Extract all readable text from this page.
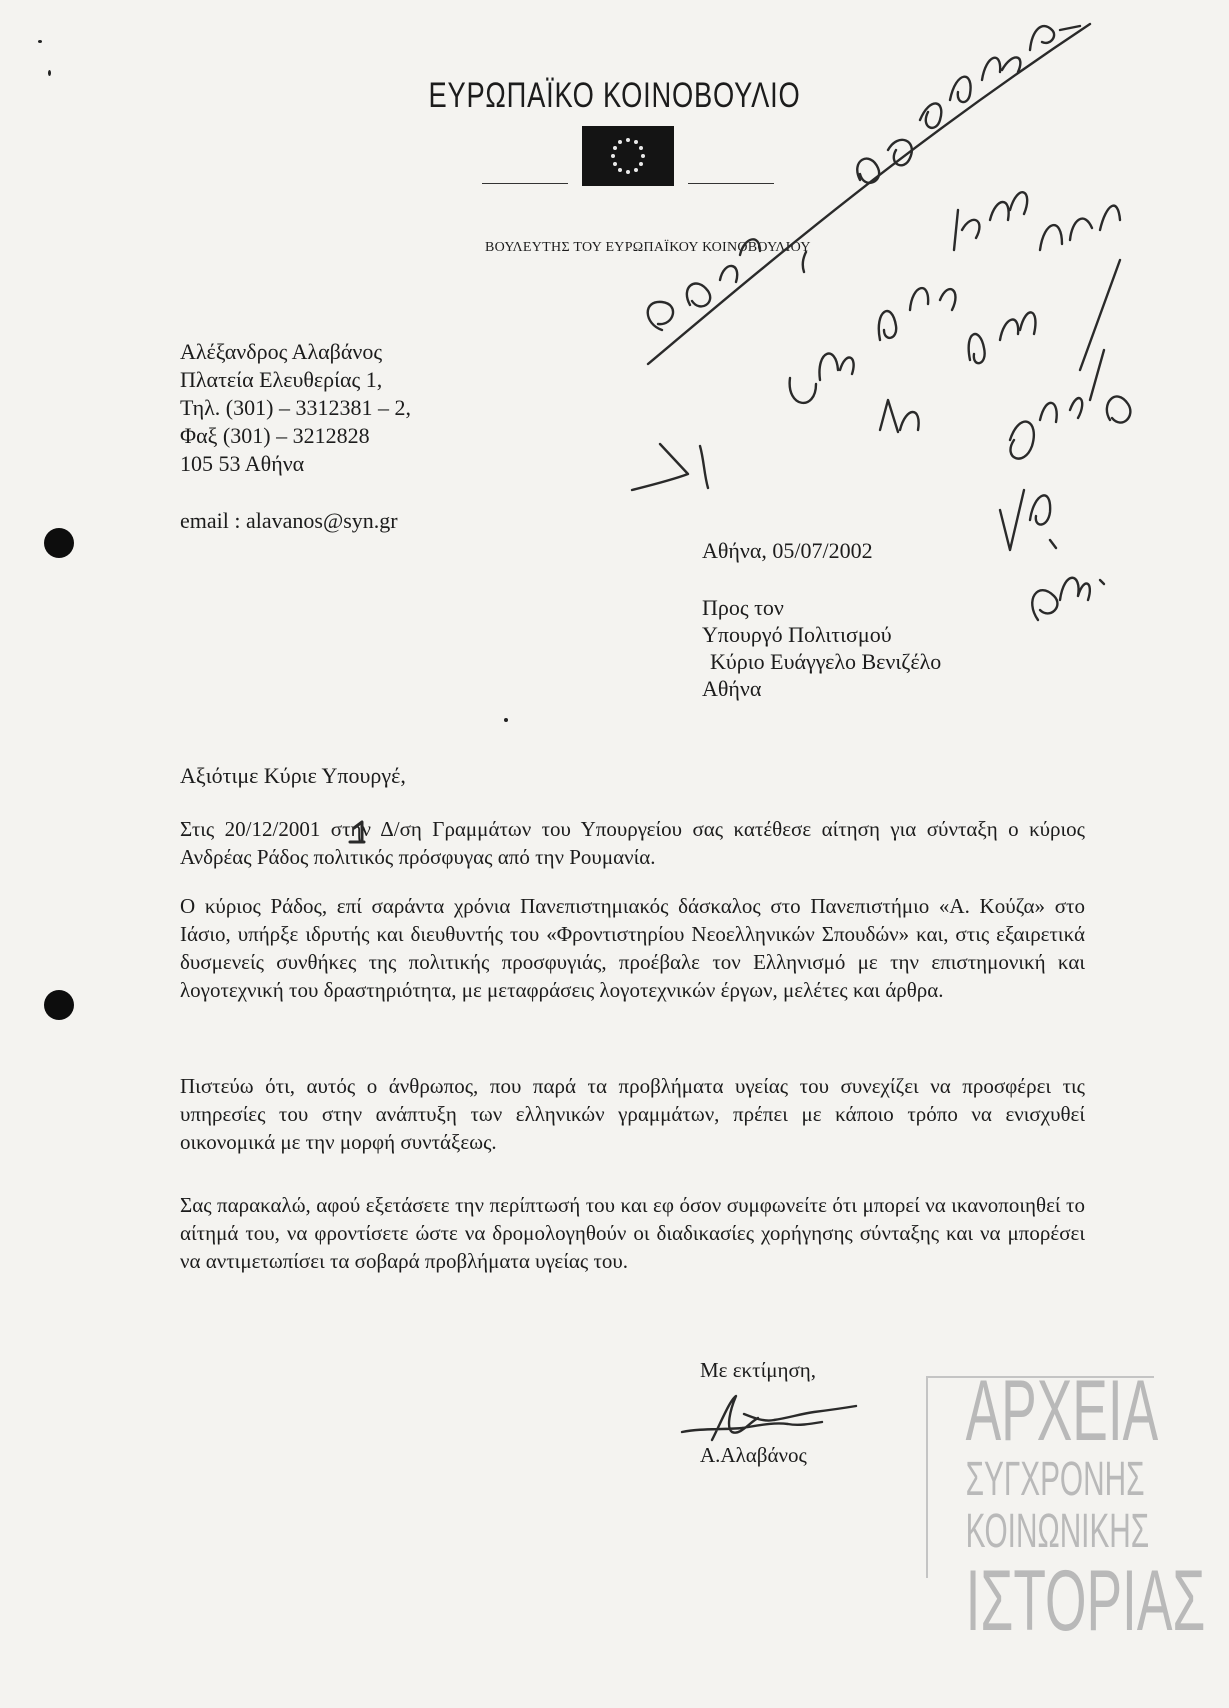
ΕΥΡΩΠΑΪΚΟ ΚΟΙΝΟΒΟΥΛΙΟ
ΒΟΥΛΕΥΤΗΣ ΤΟΥ ΕΥΡΩΠΑΪΚΟΥ ΚΟΙΝΟΒΟΥΛΙΟΥ
Αλέξανδρος Αλαβάνος
Πλατεία Ελευθερίας 1,
Τηλ. (301) – 3312381 – 2,
Φαξ (301) – 3212828
105 53 Αθήνα
email : alavanos@syn.gr
Αθήνα, 05/07/2002
Προς τον
Υπουργό Πολιτισμού
Κύριο Ευάγγελο Βενιζέλο
Αθήνα
Αξιότιμε Κύριε Υπουργέ,
Στις 20/12/2001 στην Δ/ση Γραμμάτων του Υπουργείου σας κατέθεσε αίτηση για σύνταξη ο κύριος Ανδρέας Ράδος πολιτικός πρόσφυγας από την Ρουμανία.
Ο κύριος Ράδος, επί σαράντα χρόνια Πανεπιστημιακός δάσκαλος στο Πανεπιστήμιο «Α. Κούζα» στο Ιάσιο, υπήρξε ιδρυτής και διευθυντής του «Φροντιστηρίου Νεοελληνικών Σπουδών» και, στις εξαιρετικά δυσμενείς συνθήκες της πολιτικής προσφυγιάς, προέβαλε τον Ελληνισμό με την επιστημονική και λογοτεχνική του δραστηριότητα, με μεταφράσεις λογοτεχνικών έργων, μελέτες και άρθρα.
Πιστεύω ότι, αυτός ο άνθρωπος, που παρά τα προβλήματα υγείας του συνεχίζει να προσφέρει τις υπηρεσίες του στην ανάπτυξη των ελληνικών γραμμάτων, πρέπει με κάποιο τρόπο να ενισχυθεί οικονομικά με την μορφή συντάξεως.
Σας παρακαλώ, αφού εξετάσετε την περίπτωσή του και εφ όσον συμφωνείτε ότι μπορεί να ικανοποιηθεί το αίτημά του, να φροντίσετε ώστε να δρομολογηθούν οι διαδικασίες χορήγησης σύνταξης και να μπορέσει να αντιμετωπίσει τα σοβαρά προβλήματα υγείας του.
Με εκτίμηση,
Α.Αλαβάνος ΑΡΧΕΙΑ
ΣΥΓΧΡΟΝΗΣ
ΚΟΙΝΩΝΙΚΗΣ
ΙΣΤΟΡΙΑΣ
